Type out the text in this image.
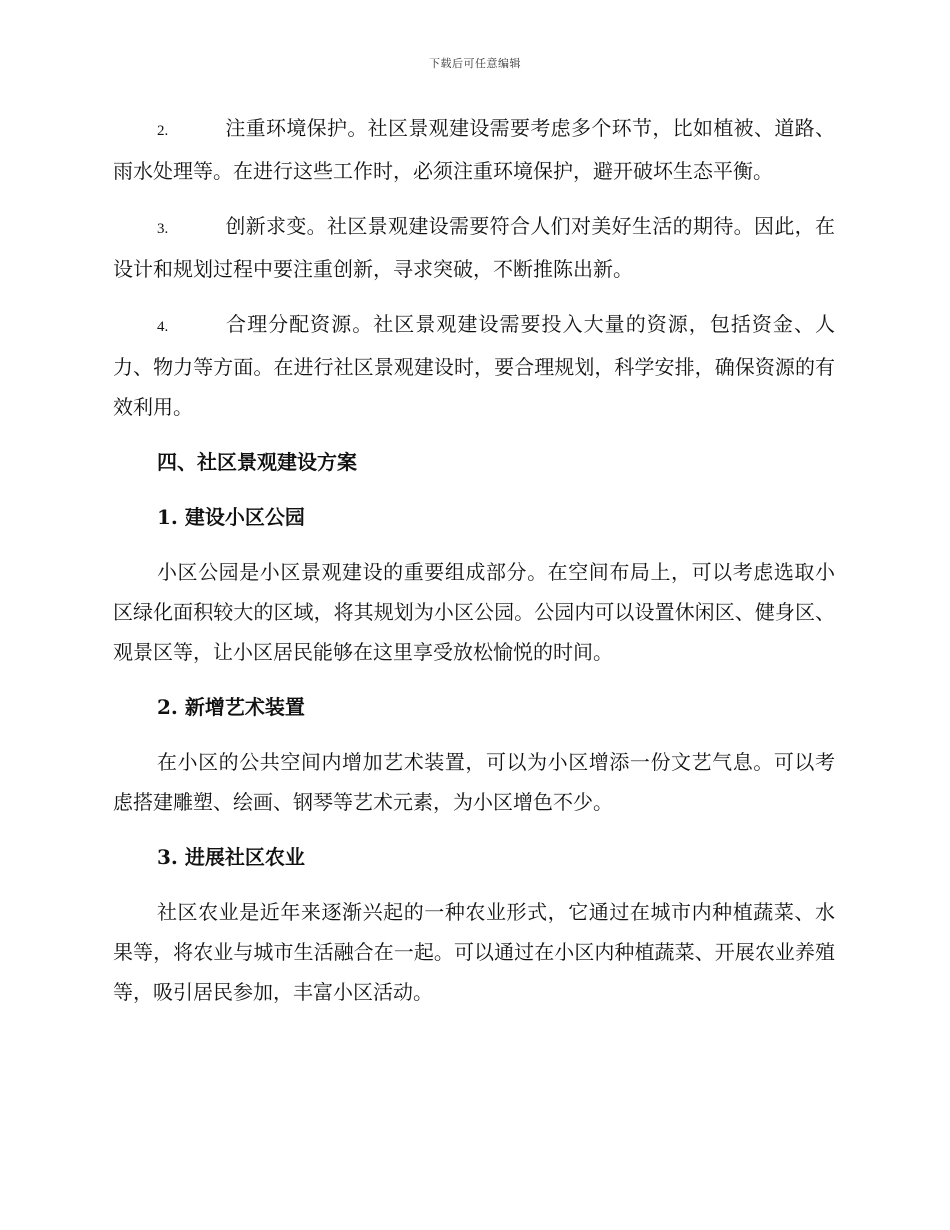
下载后可任意编辑

2.	注重环境保护。社区景观建设需要考虑多个环节，比如植被、道路、雨水处理等。在进行这些工作时，必须注重环境保护，避开破坏生态平衡。

3.	创新求变。社区景观建设需要符合人们对美好生活的期待。因此，在设计和规划过程中要注重创新，寻求突破，不断推陈出新。

4.	合理分配资源。社区景观建设需要投入大量的资源，包括资金、人力、物力等方面。在进行社区景观建设时，要合理规划，科学安排，确保资源的有效利用。

四、社区景观建设方案
1. 建设小区公园

小区公园是小区景观建设的重要组成部分。在空间布局上，可以考虑选取小区绿化面积较大的区域，将其规划为小区公园。公园内可以设置休闲区、健身区、观景区等，让小区居民能够在这里享受放松愉悦的时间。

2. 新增艺术装置

在小区的公共空间内增加艺术装置，可以为小区增添一份文艺气息。可以考虑搭建雕塑、绘画、钢琴等艺术元素，为小区增色不少。

3. 进展社区农业

社区农业是近年来逐渐兴起的一种农业形式，它通过在城市内种植蔬菜、水果等，将农业与城市生活融合在一起。可以通过在小区内种植蔬菜、开展农业养殖等，吸引居民参加，丰富小区活动。
